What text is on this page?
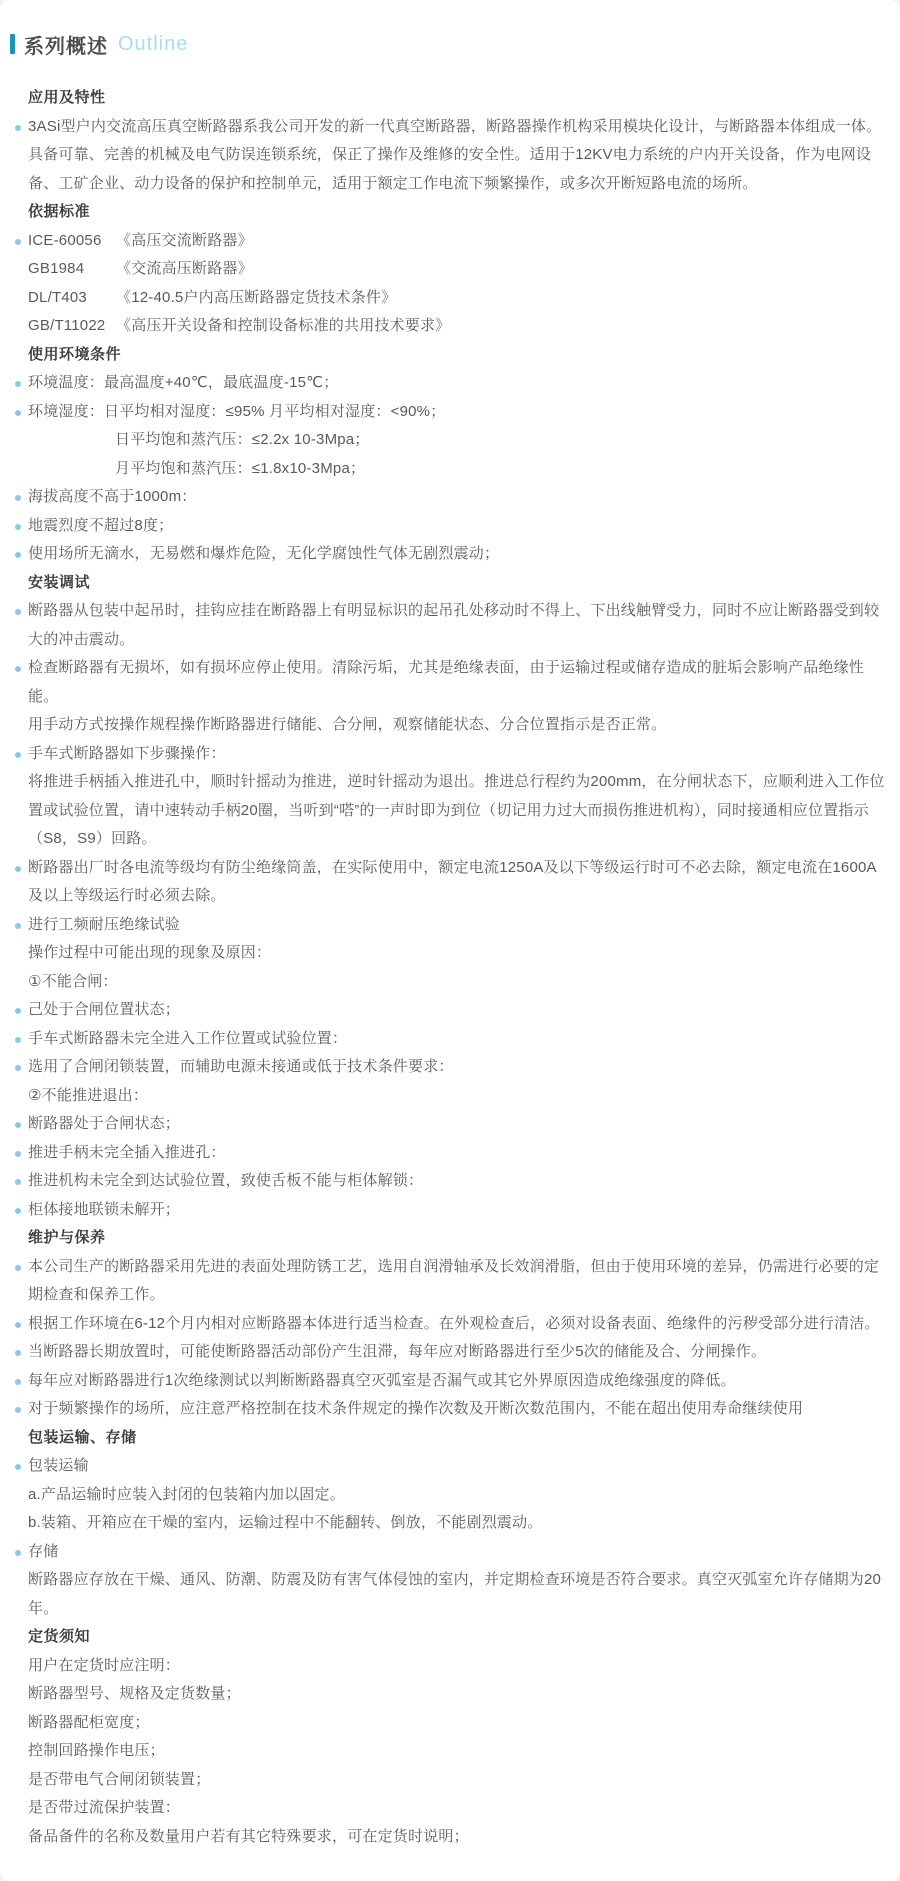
系列概述 Outline
应用及特性
3ASi型户内交流高压真空断路器系我公司开发的新一代真空断路器，断路器操作机构采用模块化设计，与断路器本体组成一体。具备可靠、完善的机械及电气防误连锁系统，保正了操作及维修的安全性。适用于12KV电力系统的户内开关设备，作为电网设备、工矿企业、动力设备的保护和控制单元，适用于额定工作电流下频繁操作，或多次开断短路电流的场所。
依据标准
ICE-60056 《高压交流断路器》
GB1984 《交流高压断路器》
DL/T403 《12-40.5户内高压断路器定货技术条件》
GB/T11022 《高压开关设备和控制设备标准的共用技术要求》
使用环境条件
环境温度：最高温度+40℃，最底温度-15℃；
环境湿度：日平均相对湿度：≤95% 月平均相对湿度：<90%；
日平均饱和蒸汽压：≤2.2x 10-3Mpa；
月平均饱和蒸汽压：≤1.8x10-3Mpa；
海拔高度不高于1000m：
地震烈度不超过8度；
使用场所无滴水，无易燃和爆炸危险，无化学腐蚀性气体无剧烈震动；
安装调试
断路器从包装中起吊时，挂钩应挂在断路器上有明显标识的起吊孔处移动时不得上、下出线触臂受力，同时不应让断路器受到较大的冲击震动。
检查断路器有无损坏，如有损坏应停止使用。清除污垢，尤其是绝缘表面，由于运输过程或储存造成的脏垢会影响产品绝缘性能。
用手动方式按操作规程操作断路器进行储能、合分闸，观察储能状态、分合位置指示是否正常。
手车式断路器如下步骤操作：
将推进手柄插入推进孔中，顺时针摇动为推进，逆时针摇动为退出。推进总行程约为200mm，在分闸状态下，应顺利进入工作位置或试验位置，请中速转动手柄20圈，当听到“嗒”的一声时即为到位（切记用力过大而损伤推进机构），同时接通相应位置指示（S8，S9）回路。
断路器出厂时各电流等级均有防尘绝缘筒盖，在实际使用中，额定电流1250A及以下等级运行时可不必去除，额定电流在1600A及以上等级运行时必须去除。
进行工频耐压绝缘试验
操作过程中可能出现的现象及原因：
①不能合闸：
己处于合闸位置状态；
手车式断路器未完全进入工作位置或试验位置：
选用了合闸闭锁装置，而辅助电源未接通或低于技术条件要求：
②不能推进退出：
断路器处于合闸状态；
推进手柄未完全插入推进孔：
推进机构未完全到达试验位置，致使舌板不能与柜体解锁：
柜体接地联锁未解开；
维护与保养
本公司生产的断路器采用先进的表面处理防锈工艺，选用自润滑轴承及长效润滑脂，但由于使用环境的差异，仍需进行必要的定期检查和保养工作。
根据工作环境在6-12个月内相对应断路器本体进行适当检查。在外观检查后，必须对设备表面、绝缘件的污秽受部分进行清洁。
当断路器长期放置时，可能使断路器活动部份产生沮滞，每年应对断路器进行至少5次的储能及合、分闸操作。
每年应对断路器进行1次绝缘测试以判断断路器真空灭弧室是否漏气或其它外界原因造成绝缘强度的降低。
对于频繁操作的场所，应注意严格控制在技术条件规定的操作次数及开断次数范围内，不能在超出使用寿命继续使用
包装运输、存储
包装运输
a.产品运输时应装入封闭的包装箱内加以固定。
b.装箱、开箱应在干燥的室内，运输过程中不能翻转、倒放，不能剧烈震动。
存储
断路器应存放在干燥、通风、防潮、防震及防有害气体侵蚀的室内，并定期检查环境是否符合要求。真空灭弧室允许存储期为20年。
定货须知
用户在定货时应注明：
断路器型号、规格及定货数量；
断路器配柜宽度；
控制回路操作电压；
是否带电气合闸闭锁装置；
是否带过流保护装置：
备品备件的名称及数量用户若有其它特殊要求，可在定货时说明；
